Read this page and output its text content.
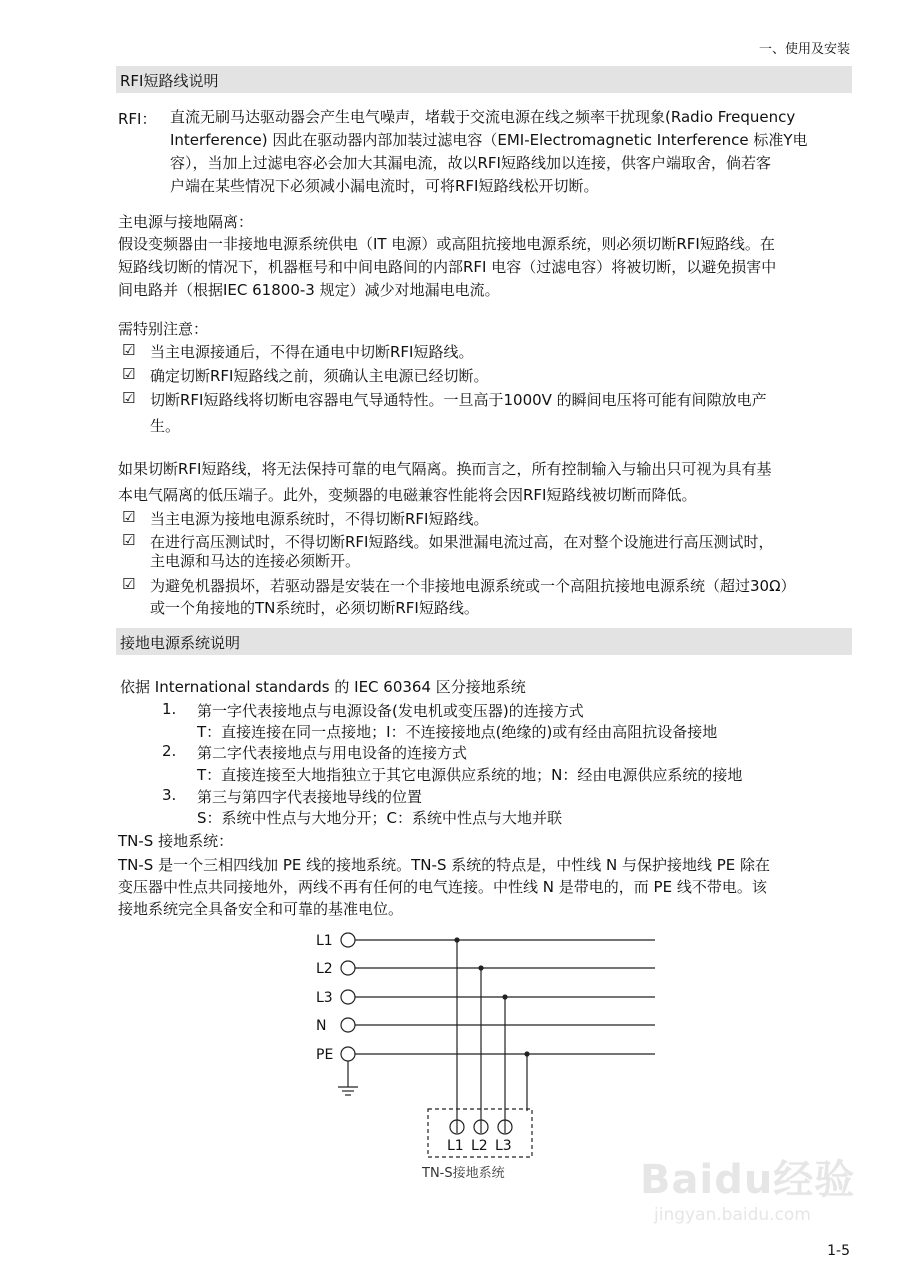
一、使用及安装
RFI短路线说明
RFI： 直流无刷马达驱动器会产生电气噪声，堵载于交流电源在线之频率干扰现象(Radio Frequency
Interference) 因此在驱动器内部加装过滤电容（EMI-Electromagnetic Interference 标准Y电
容），当加上过滤电容必会加大其漏电流，故以RFI短路线加以连接，供客户端取舍，倘若客
户端在某些情况下必须减小漏电流时，可将RFI短路线松开切断。
主电源与接地隔离：
假设变频器由一非接地电源系统供电（IT 电源）或高阻抗接地电源系统，则必须切断RFI短路线。在
短路线切断的情况下，机器框号和中间电路间的内部RFI 电容（过滤电容）将被切断，以避免损害中
间电路并（根据IEC 61800-3 规定）减少对地漏电电流。
需特别注意：
☑ 当主电源接通后，不得在通电中切断RFI短路线。
☑ 确定切断RFI短路线之前，须确认主电源已经切断。
☑ 切断RFI短路线将切断电容器电气导通特性。一旦高于1000V 的瞬间电压将可能有间隙放电产
生。
如果切断RFI短路线，将无法保持可靠的电气隔离。换而言之，所有控制输入与输出只可视为具有基
本电气隔离的低压端子。此外，变频器的电磁兼容性能将会因RFI短路线被切断而降低。
☑ 当主电源为接地电源系统时，不得切断RFI短路线。
☑ 在进行高压测试时，不得切断RFI短路线。如果泄漏电流过高，在对整个设施进行高压测试时，
主电源和马达的连接必须断开。
☑ 为避免机器损坏，若驱动器是安装在一个非接地电源系统或一个高阻抗接地电源系统（超过30Ω）
或一个角接地的TN系统时，必须切断RFI短路线。
接地电源系统说明
依据 International standards 的 IEC 60364 区分接地系统
1. 第一字代表接地点与电源设备(发电机或变压器)的连接方式
T：直接连接在同一点接地；I：不连接接地点(绝缘的)或有经由高阻抗设备接地
2. 第二字代表接地点与用电设备的连接方式
T：直接连接至大地指独立于其它电源供应系统的地；N：经由电源供应系统的接地
3. 第三与第四字代表接地导线的位置
S：系统中性点与大地分开；C：系统中性点与大地并联
TN-S 接地系统：
TN-S 是一个三相四线加 PE 线的接地系统。TN-S 系统的特点是，中性线 N 与保护接地线 PE 除在
变压器中性点共同接地外，两线不再有任何的电气连接。中性线 N 是带电的，而 PE 线不带电。该
接地系统完全具备安全和可靠的基准电位。
L1
L2
L3
N
PE
L1 L2 L3
TN-S接地系统	Baidu经验
jingyan.baidu.com
1-5
